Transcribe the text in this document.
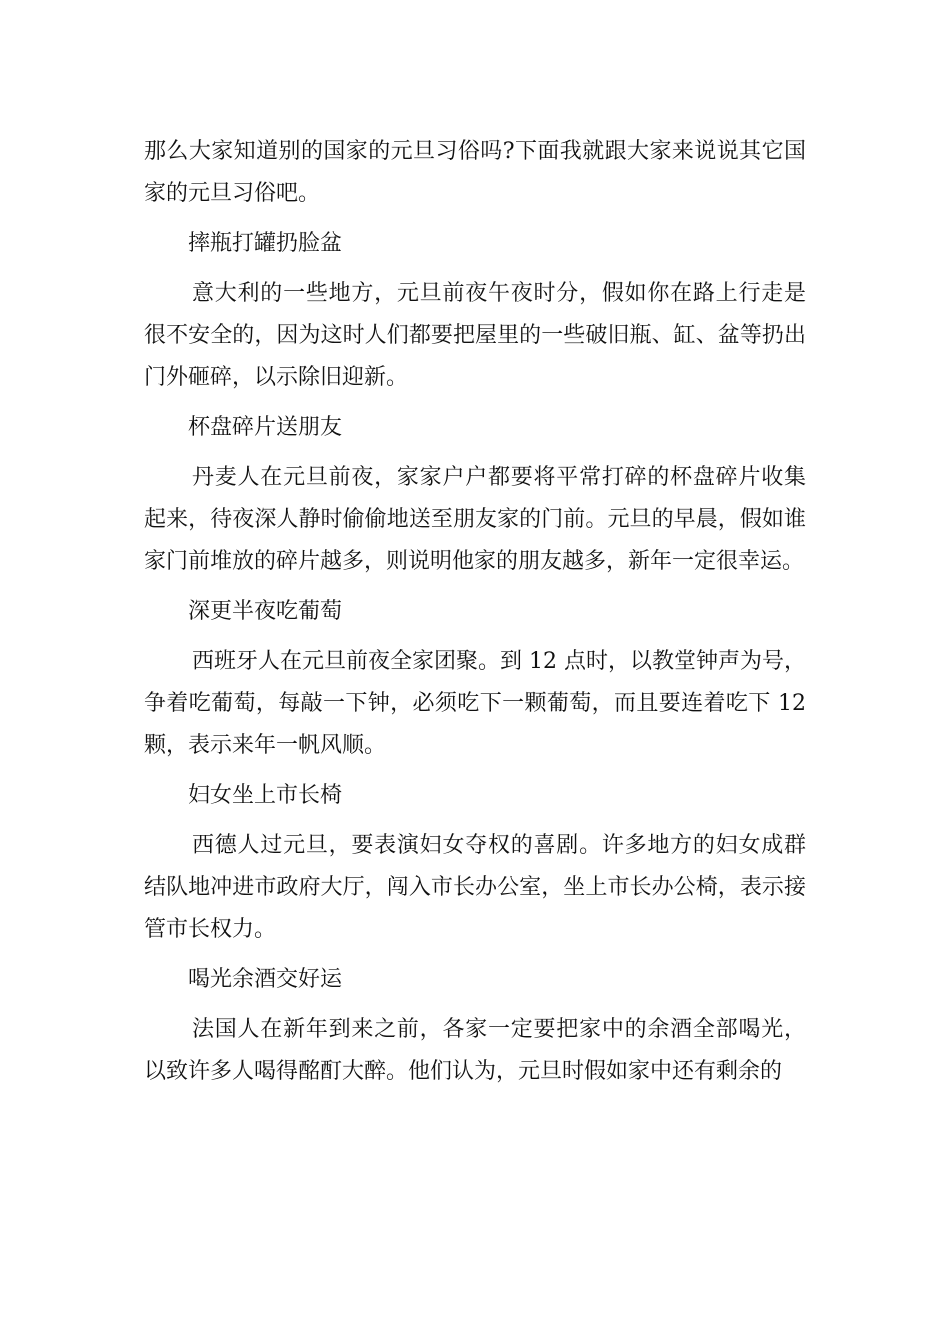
那么大家知道别的国家的元旦习俗吗?下面我就跟大家来说说其它国家的元旦习俗吧。

摔瓶打罐扔脸盆

意大利的一些地方，元旦前夜午夜时分，假如你在路上行走是很不安全的，因为这时人们都要把屋里的一些破旧瓶、缸、盆等扔出门外砸碎，以示除旧迎新。

杯盘碎片送朋友

丹麦人在元旦前夜，家家户户都要将平常打碎的杯盘碎片收集起来，待夜深人静时偷偷地送至朋友家的门前。元旦的早晨，假如谁家门前堆放的碎片越多，则说明他家的朋友越多，新年一定很幸运。

深更半夜吃葡萄

西班牙人在元旦前夜全家团聚。到 12 点时，以教堂钟声为号，争着吃葡萄，每敲一下钟，必须吃下一颗葡萄，而且要连着吃下 12 颗，表示来年一帆风顺。

妇女坐上市长椅

西德人过元旦，要表演妇女夺权的喜剧。许多地方的妇女成群结队地冲进市政府大厅，闯入市长办公室，坐上市长办公椅，表示接管市长权力。

喝光余酒交好运

法国人在新年到来之前，各家一定要把家中的余酒全部喝光，以致许多人喝得酩酊大醉。他们认为，元旦时假如家中还有剩余的
